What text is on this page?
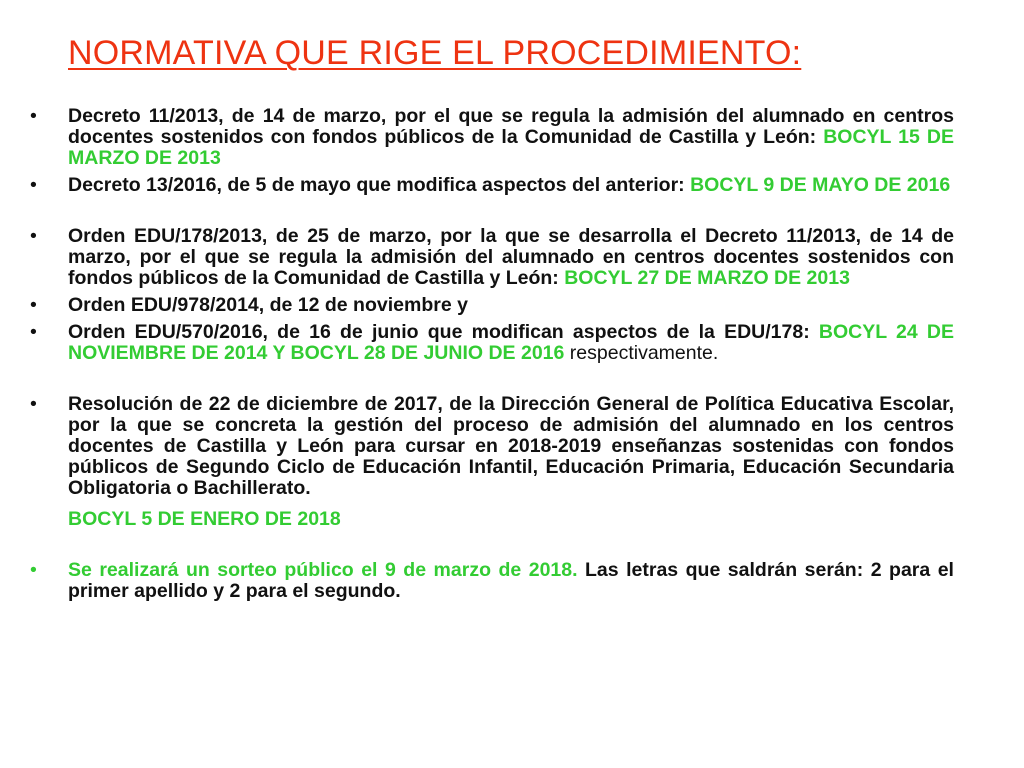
NORMATIVA QUE RIGE EL PROCEDIMIENTO:
• Decreto 11/2013, de 14 de marzo, por el que se regula la admisión del alumnado en centros docentes sostenidos con fondos públicos de la Comunidad de Castilla y León: BOCYL 15 DE MARZO DE 2013
• Decreto 13/2016, de 5 de mayo que modifica aspectos del anterior: BOCYL 9 DE MAYO DE 2016
• Orden EDU/178/2013, de 25 de marzo, por la que se desarrolla el Decreto 11/2013, de 14 de marzo, por el que se regula la admisión del alumnado en centros docentes sostenidos con fondos públicos de la Comunidad de Castilla y León: BOCYL 27 DE MARZO DE 2013
• Orden EDU/978/2014, de 12 de noviembre y
• Orden EDU/570/2016, de 16 de junio que modifican aspectos de la EDU/178: BOCYL 24 DE NOVIEMBRE DE 2014 Y BOCYL 28 DE JUNIO DE 2016 respectivamente.
• Resolución de 22 de diciembre de 2017, de la Dirección General de Política Educativa Escolar, por la que se concreta la gestión del proceso de admisión del alumnado en los centros docentes de Castilla y León para cursar en 2018-2019 enseñanzas sostenidas con fondos públicos de Segundo Ciclo de Educación Infantil, Educación Primaria, Educación Secundaria Obligatoria o Bachillerato.
BOCYL 5 DE ENERO DE 2018
• Se realizará un sorteo público el 9 de marzo de 2018. Las letras que saldrán serán: 2 para el primer apellido y 2 para el segundo.
